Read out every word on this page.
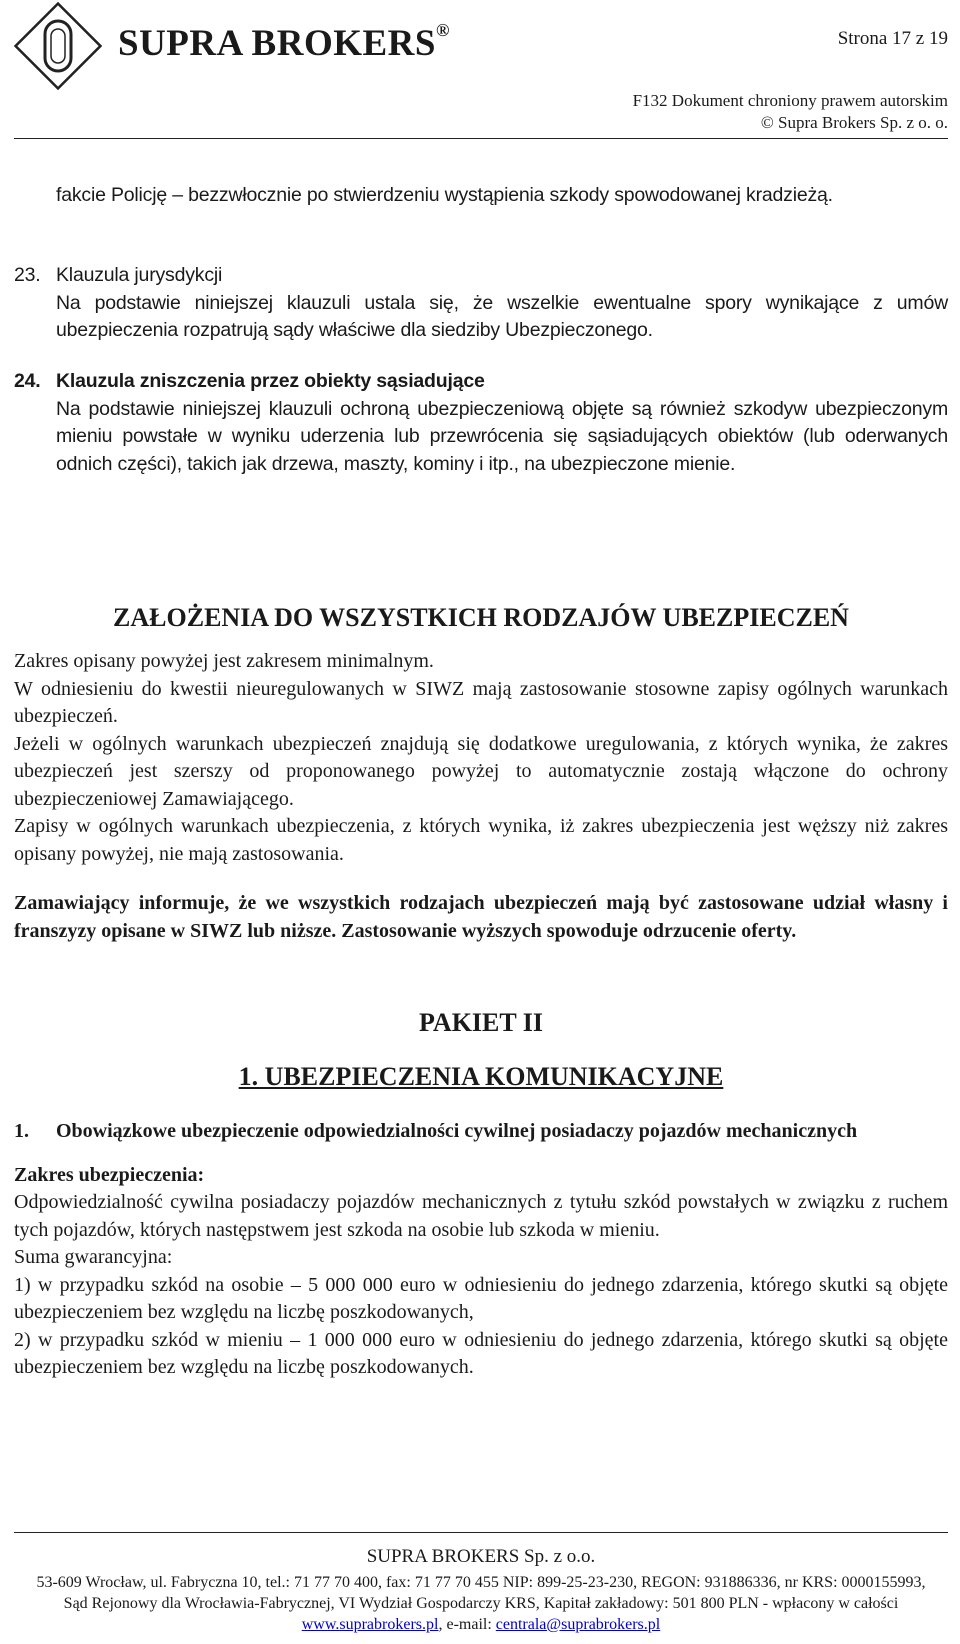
SUPRA BROKERS®	Strona 17 z 19
F132 Dokument chroniony prawem autorskim
© Supra Brokers Sp. z o. o.

fakcie Policję – bezzwłocznie po stwierdzeniu wystąpienia szkody spowodowanej kradzieżą.

23. Klauzula jurysdykcji

Na podstawie niniejszej klauzuli ustala się, że wszelkie ewentualne spory wynikające z umów ubezpieczenia rozpatrują sądy właściwe dla siedziby Ubezpieczonego.

24. Klauzula zniszczenia przez obiekty sąsiadujące

Na podstawie niniejszej klauzuli ochroną ubezpieczeniową objęte są również szkodyw ubezpieczonym mieniu powstałe w wyniku uderzenia lub przewrócenia się sąsiadujących obiektów (lub oderwanych odnich części), takich jak drzewa, maszty, kominy i itp., na ubezpieczone mienie.

ZAŁOŻENIA DO WSZYSTKICH RODZAJÓW UBEZPIECZEŃ

Zakres opisany powyżej jest zakresem minimalnym.

W odniesieniu do kwestii nieuregulowanych w SIWZ mają zastosowanie stosowne zapisy ogólnych warunkach ubezpieczeń.

Jeżeli w ogólnych warunkach ubezpieczeń znajdują się dodatkowe uregulowania, z których wynika, że zakres ubezpieczeń jest szerszy od proponowanego powyżej to automatycznie zostają włączone do ochrony ubezpieczeniowej Zamawiającego.

Zapisy w ogólnych warunkach ubezpieczenia, z których wynika, iż zakres ubezpieczenia jest węższy niż zakres opisany powyżej, nie mają zastosowania.

Zamawiający informuje, że we wszystkich rodzajach ubezpieczeń mają być zastosowane udział własny i franszyzy opisane w SIWZ lub niższe. Zastosowanie wyższych spowoduje odrzucenie oferty.
PAKIET II
1. UBEZPIECZENIA KOMUNIKACYJNE

1. Obowiązkowe ubezpieczenie odpowiedzialności cywilnej posiadaczy pojazdów mechanicznych

Zakres ubezpieczenia:

Odpowiedzialność cywilna posiadaczy pojazdów mechanicznych z tytułu szkód powstałych w związku z ruchem tych pojazdów, których następstwem jest szkoda na osobie lub szkoda w mieniu.

Suma gwarancyjna:

1) w przypadku szkód na osobie – 5 000 000 euro w odniesieniu do jednego zdarzenia, którego skutki są objęte ubezpieczeniem bez względu na liczbę poszkodowanych,

2) w przypadku szkód w mieniu – 1 000 000 euro w odniesieniu do jednego zdarzenia, którego skutki są objęte ubezpieczeniem bez względu na liczbę poszkodowanych.

SUPRA BROKERS Sp. z o.o.
53-609 Wrocław, ul. Fabryczna 10, tel.: 71 77 70 400, fax: 71 77 70 455 NIP: 899-25-23-230, REGON: 931886336, nr KRS: 0000155993,
Sąd Rejonowy dla Wrocławia-Fabrycznej, VI Wydział Gospodarczy KRS, Kapitał zakładowy: 501 800 PLN - wpłacony w całości
www.suprabrokers.pl, e-mail: centrala@suprabrokers.pl
